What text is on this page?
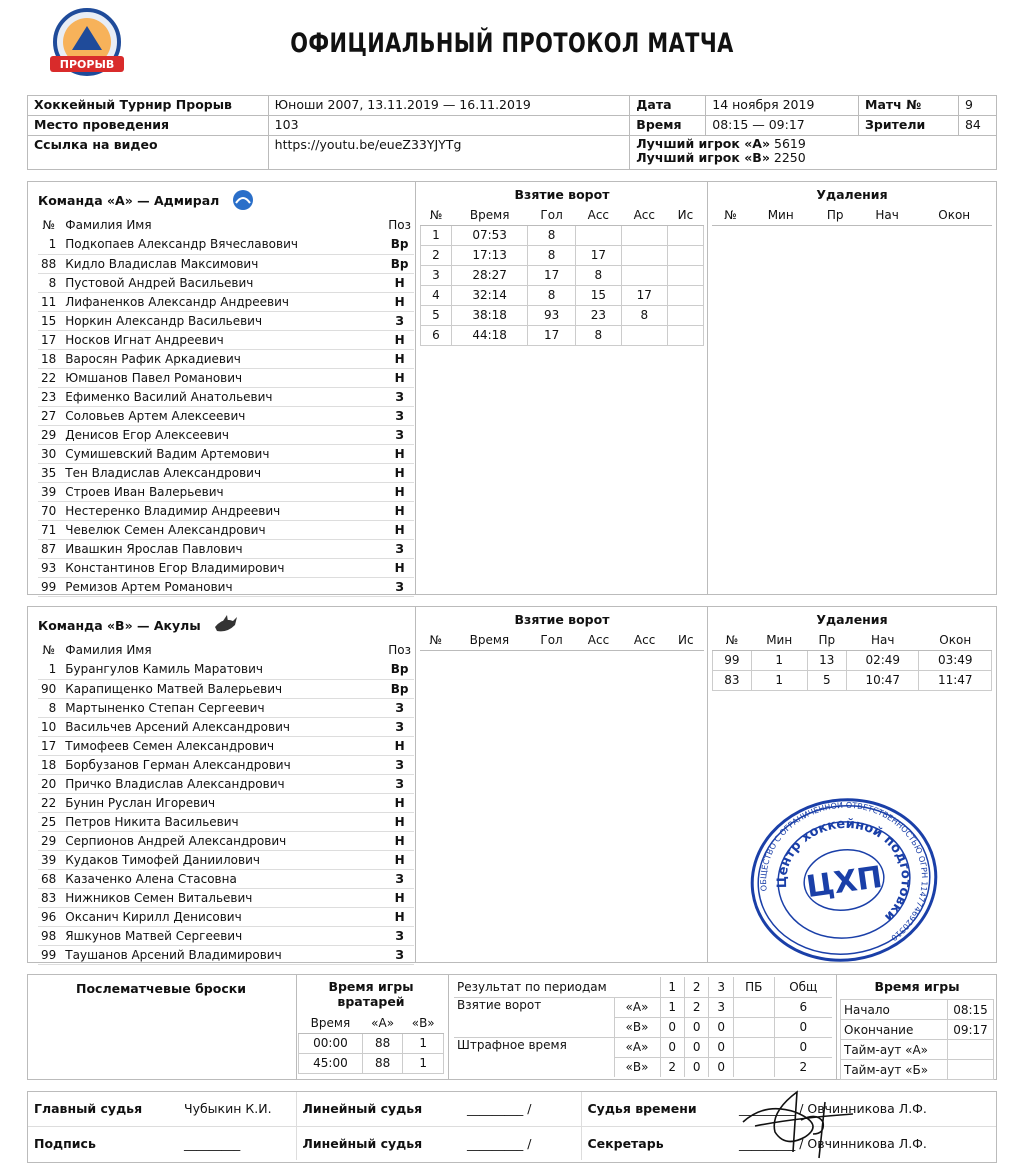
ПРОРЫВ
ОФИЦИАЛЬНЫЙ ПРОТОКОЛ МАТЧА
Хоккейный Турнир Прорыв	Юноши 2007, 13.11.2019 — 16.11.2019	Дата	14 ноября 2019	Матч №	9
Место проведения	103	Время	08:15 — 09:17	Зрители	84
Ссылка на видео	https://youtu.be/eueZ33YJYTg	Лучший игрок «А» 5619
Лучший игрок «В» 2250			
Команда «А» — Адмирал
№	Фамилия Имя	Поз
1	Подкопаев Александр Вячеславович	Вр
88	Кидло Владислав Максимович	Вр
8	Пустовой Андрей Васильевич	Н
11	Лифаненков Александр Андреевич	Н
15	Норкин Александр Васильевич	З
17	Носков Игнат Андреевич	Н
18	Варосян Рафик Аркадиевич	Н
22	Юмшанов Павел Романович	Н
23	Ефименко Василий Анатольевич	З
27	Соловьев Артем Алексеевич	З
29	Денисов Егор Алексеевич	З
30	Сумишевский Вадим Артемович	Н
35	Тен Владислав Александрович	Н
39	Строев Иван Валерьевич	Н
70	Нестеренко Владимир Андреевич	Н
71	Чевелюк Семен Александрович	Н
87	Ивашкин Ярослав Павлович	З
93	Константинов Егор Владимирович	Н
99	Ремизов Артем Романович	З
Взятие ворот
№	Время	Гол	Асс	Асс	Ис
1	07:53	8			
2	17:13	8	17		
3	28:27	17	8		
4	32:14	8	15	17	
5	38:18	93	23	8	
6	44:18	17	8		
Удаления
№	Мин	Пр	Нач	Окон
Команда «В» — Акулы
№	Фамилия Имя	Поз
1	Бурангулов Камиль Маратович	Вр
90	Карапищенко Матвей Валерьевич	Вр
8	Мартыненко Степан Сергеевич	З
10	Васильчев Арсений Александрович	З
17	Тимофеев Семен Александрович	Н
18	Борбузанов Герман Александрович	З
20	Причко Владислав Александрович	З
22	Бунин Руслан Игоревич	Н
25	Петров Никита Васильевич	Н
29	Серпионов Андрей Александрович	Н
39	Кудаков Тимофей Даниилович	Н
68	Казаченко Алена Стасовна	З
83	Нижников Семен Витальевич	Н
96	Оксанич Кирилл Денисович	Н
98	Яшкунов Матвей Сергеевич	З
99	Таушанов Арсений Владимирович	З
Взятие ворот
№	Время	Гол	Асс	Асс	Ис
Удаления
№	Мин	Пр	Нач	Окон
99	1	13	02:49	03:49
83	1	5	10:47	11:47
ОБЩЕСТВО С ОГРАНИЧЕННОЙ ОТВЕТСТВЕННОСТЬЮ ОГРН 1147746920310
Центр хоккейной подготовки
ЦХП
Послематчевые броски	Время игры вратарей
Время	«А»	«В»
00:00	88	1
45:00	88	1
Результат по периодам		1	2	3	ПБ	Общ
Взятие ворот	«А»	1	2	3		6
	«В»	0	0	0		0
Штрафное время	«А»	0	0	0		0
	«В»	2	0	0		2
Время игры
Начало	08:15
Окончание	09:17
Тайм-аут «А»	
Тайм-аут «Б»	
Главный судья	Чубыкин К.И.	Линейный судья	_________ /	Судья времени	_________ / Овчинникова Л.Ф.
Подпись	_________	Линейный судья	_________ /	Секретарь	_________ / Овчинникова Л.Ф.
